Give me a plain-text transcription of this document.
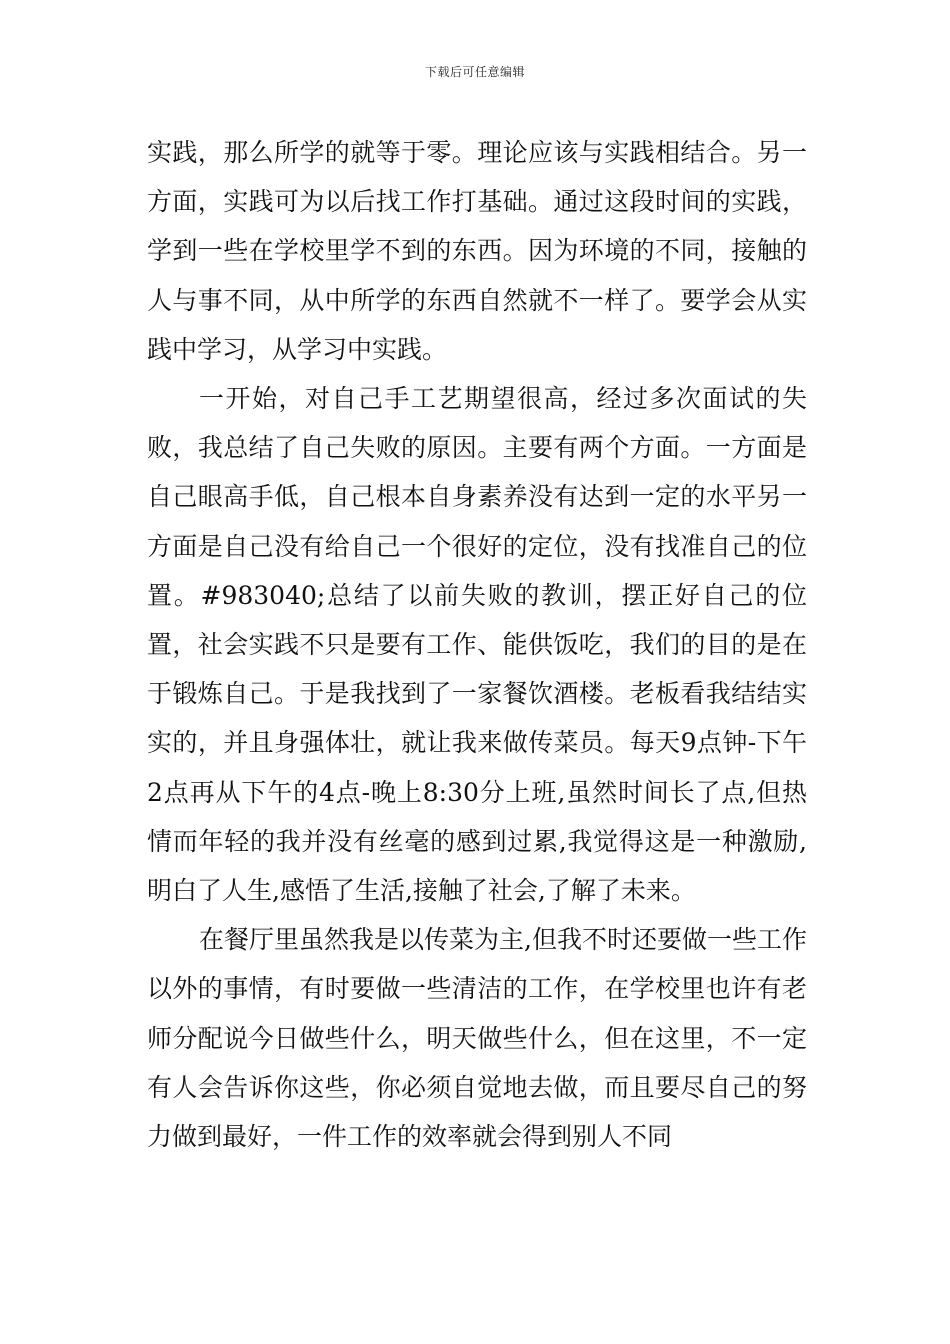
下载后可任意编辑

实践，那么所学的就等于零。理论应该与实践相结合。另一方面，实践可为以后找工作打基础。通过这段时间的实践，学到一些在学校里学不到的东西。因为环境的不同，接触的人与事不同，从中所学的东西自然就不一样了。要学会从实践中学习，从学习中实践。

一开始，对自己手工艺期望很高，经过多次面试的失败，我总结了自己失败的原因。主要有两个方面。一方面是自己眼高手低，自己根本自身素养没有达到一定的水平另一方面是自己没有给自己一个很好的定位，没有找准自己的位置。#983040;总结了以前失败的教训，摆正好自己的位置，社会实践不只是要有工作、能供饭吃，我们的目的是在于锻炼自己。于是我找到了一家餐饮酒楼。老板看我结结实实的，并且身强体壮，就让我来做传菜员。每天9点钟-下午2点再从下午的4点-晚上8:30分上班,虽然时间长了点,但热情而年轻的我并没有丝毫的感到过累,我觉得这是一种激励,明白了人生,感悟了生活,接触了社会,了解了未来。

在餐厅里虽然我是以传菜为主,但我不时还要做一些工作以外的事情，有时要做一些清洁的工作，在学校里也许有老师分配说今日做些什么，明天做些什么，但在这里，不一定有人会告诉你这些，你必须自觉地去做，而且要尽自己的努力做到最好，一件工作的效率就会得到别人不同
